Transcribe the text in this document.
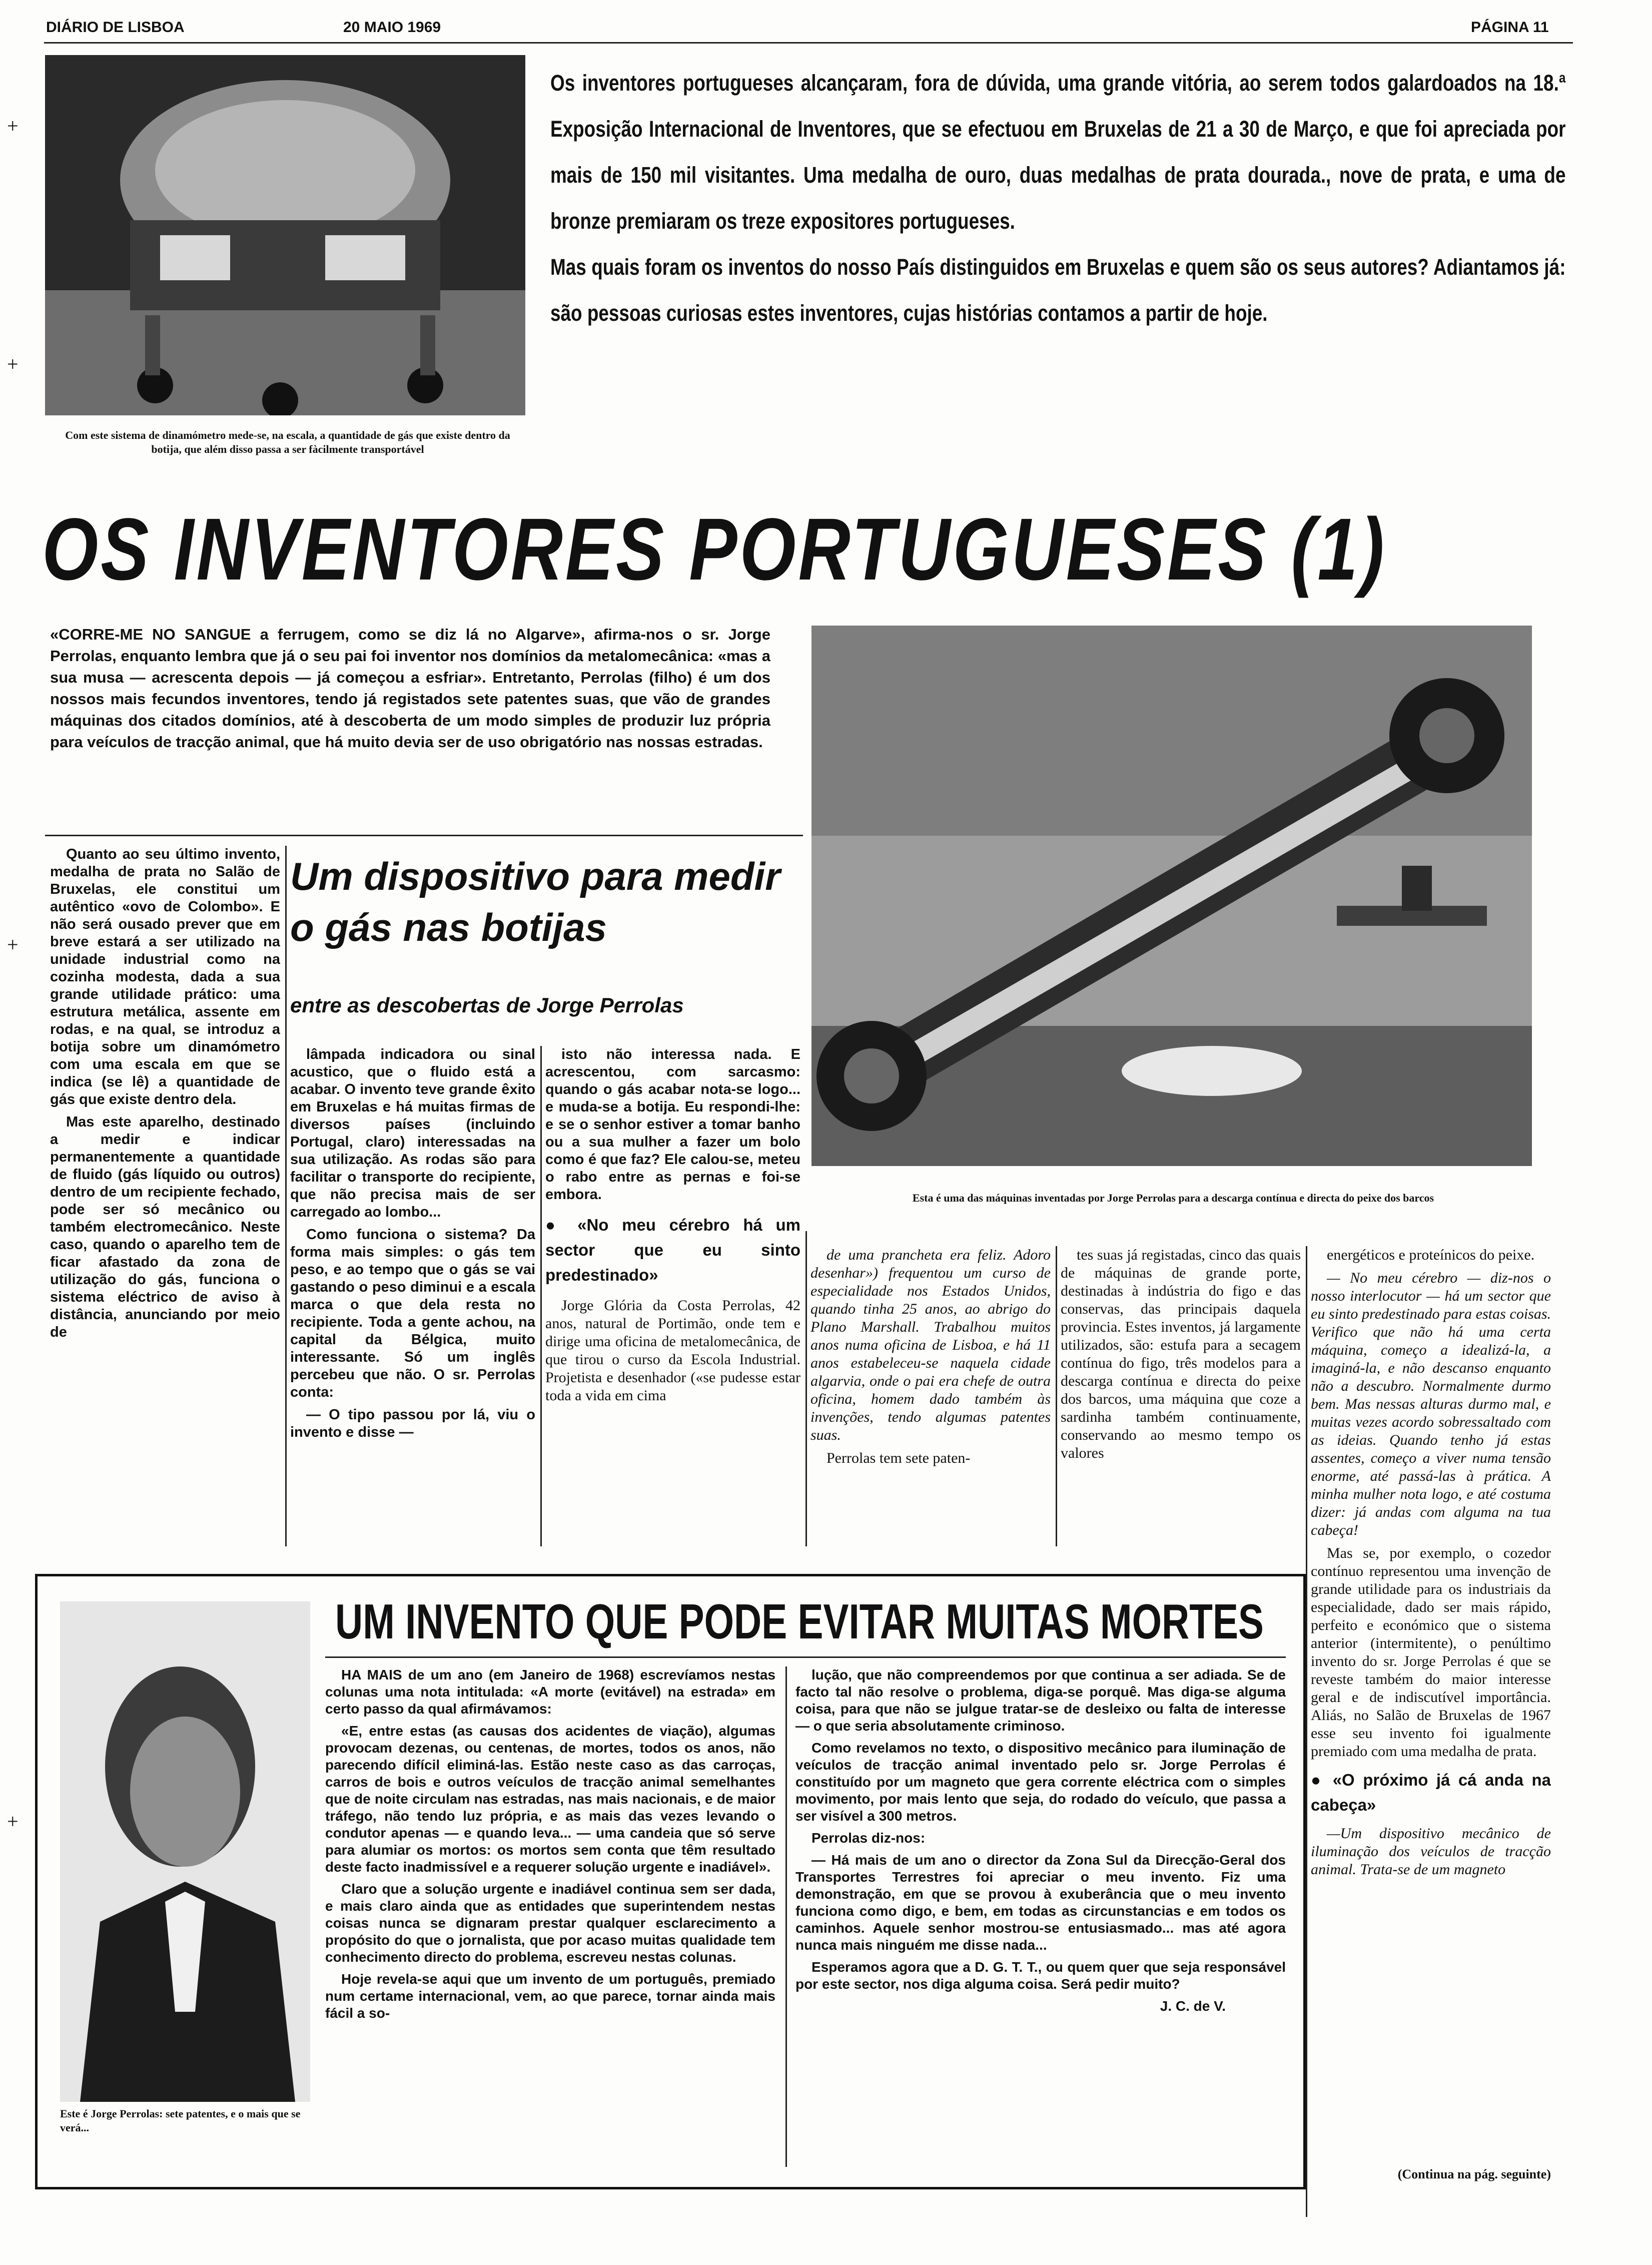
DIÁRIO DE LISBOA	20 MAIO 1969	PÁGINA 11
+
+
+
+
Com este sistema de dinamómetro mede-se, na escala, a quantidade de gás que existe dentro da botija, que além disso passa a ser fàcilmente transportável

Os inventores portugueses alcançaram, fora de dúvida, uma grande vitória, ao serem todos galardoados na 18.ª Exposição Internacional de Inventores, que se efectuou em Bruxelas de 21 a 30 de Março, e que foi apreciada por mais de 150 mil visitantes. Uma medalha de ouro, duas medalhas de prata dourada., nove de prata, e uma de bronze premiaram os treze expositores portugueses.

Mas quais foram os inventos do nosso País distinguidos em Bruxelas e quem são os seus autores? Adiantamos já: são pessoas curiosas estes inventores, cujas histórias contamos a partir de hoje.

OS INVENTORES PORTUGUESES (1)
«CORRE-ME NO SANGUE a ferrugem, como se diz lá no Algarve», afirma-nos o sr. Jorge Perrolas, enquanto lembra que já o seu pai foi inventor nos domínios da metalomecânica: «mas a sua musa — acrescenta depois — já começou a esfriar». Entretanto, Perrolas (filho) é um dos nossos mais fecundos inventores, tendo já registados sete patentes suas, que vão de grandes máquinas dos citados domínios, até à descoberta de um modo simples de produzir luz própria para veículos de tracção animal, que há muito devia ser de uso obrigatório nas nossas estradas.
Esta é uma das máquinas inventadas por Jorge Perrolas para a descarga contínua e directa do peixe dos barcos
Um dispositivo para medir o gás nas botijas
entre as descobertas de Jorge Perrolas

Quanto ao seu último invento, medalha de prata no Salão de Bruxelas, ele constitui um autêntico «ovo de Colombo». E não será ousado prever que em breve estará a ser utilizado na unidade industrial como na cozinha modesta, dada a sua grande utilidade prático: uma estrutura metálica, assente em rodas, e na qual, se introduz a botija sobre um dinamómetro com uma escala em que se indica (se lê) a quantidade de gás que existe dentro dela.

Mas este aparelho, destinado a medir e indicar permanentemente a quantidade de fluido (gás líquido ou outros) dentro de um recipiente fechado, pode ser só mecânico ou também electromecânico. Neste caso, quando o aparelho tem de ficar afastado da zona de utilização do gás, funciona o sistema eléctrico de aviso à distância, anunciando por meio de

lâmpada indicadora ou sinal acustico, que o fluido está a acabar. O invento teve grande êxito em Bruxelas e há muitas firmas de diversos países (incluindo Portugal, claro) interessadas na sua utilização. As rodas são para facilitar o transporte do recipiente, que não precisa mais de ser carregado ao lombo...

Como funciona o sistema? Da forma mais simples: o gás tem peso, e ao tempo que o gás se vai gastando o peso diminui e a escala marca o que dela resta no recipiente. Toda a gente achou, na capital da Bélgica, muito interessante. Só um inglês percebeu que não. O sr. Perrolas conta:

— O tipo passou por lá, viu o invento e disse —

isto não interessa nada. E acrescentou, com sarcasmo: quando o gás acabar nota-se logo... e muda-se a botija. Eu respondi-lhe: e se o senhor estiver a tomar banho ou a sua mulher a fazer um bolo como é que faz? Ele calou-se, meteu o rabo entre as pernas e foi-se embora.

● «No meu cérebro há um sector que eu sinto predestinado»

Jorge Glória da Costa Perrolas, 42 anos, natural de Portimão, onde tem e dirige uma oficina de metalomecânica, de que tirou o curso da Escola Industrial. Projetista e desenhador («se pudesse estar toda a vida em cima

de uma prancheta era feliz. Adoro desenhar») frequentou um curso de especialidade nos Estados Unidos, quando tinha 25 anos, ao abrigo do Plano Marshall. Trabalhou muitos anos numa oficina de Lisboa, e há 11 anos estabeleceu-se naquela cidade algarvia, onde o pai era chefe de outra oficina, homem dado também às invenções, tendo algumas patentes suas.

Perrolas tem sete paten-

tes suas já registadas, cinco das quais de máquinas de grande porte, destinadas à indústria do figo e das conservas, das principais daquela provincia. Estes inventos, já largamente utilizados, são: estufa para a secagem contínua do figo, três modelos para a descarga contínua e directa do peixe dos barcos, uma máquina que coze a sardinha também continuamente, conservando ao mesmo tempo os valores

energéticos e proteínicos do peixe.

— No meu cérebro — diz-nos o nosso interlocutor — há um sector que eu sinto predestinado para estas coisas. Verifico que não há uma certa máquina, começo a idealizá-la, a imaginá-la, e não descanso enquanto não a descubro. Normalmente durmo bem. Mas nessas alturas durmo mal, e muitas vezes acordo sobressaltado com as ideias. Quando tenho já estas assentes, começo a viver numa tensão enorme, até passá-las à prática. A minha mulher nota logo, e até costuma dizer: já andas com alguma na tua cabeça!

Mas se, por exemplo, o cozedor contínuo representou uma invenção de grande utilidade para os industriais da especialidade, dado ser mais rápido, perfeito e económico que o sistema anterior (intermitente), o penúltimo invento do sr. Jorge Perrolas é que se reveste também do maior interesse geral e de indiscutível importância. Aliás, no Salão de Bruxelas de 1967 esse seu invento foi igualmente premiado com uma medalha de prata.

● «O próximo já cá anda na cabeça»

—Um dispositivo mecânico de iluminação dos veículos de tracção animal. Trata-se de um magneto

(Continua na pág. seguinte)
UM INVENTO QUE PODE EVITAR MUITAS MORTES
Este é Jorge Perrolas: sete patentes, e o mais que se verá...

HA MAIS de um ano (em Janeiro de 1968) escrevíamos nestas colunas uma nota intitulada: «A morte (evitável) na estrada» em certo passo da qual afirmávamos:

«E, entre estas (as causas dos acidentes de viação), algumas provocam dezenas, ou centenas, de mortes, todos os anos, não parecendo difícil eliminá-las. Estão neste caso as das carroças, carros de bois e outros veículos de tracção animal semelhantes que de noite circulam nas estradas, nas mais nacionais, e de maior tráfego, não tendo luz própria, e as mais das vezes levando o condutor apenas — e quando leva... — uma candeia que só serve para alumiar os mortos: os mortos sem conta que têm resultado deste facto inadmissível e a requerer solução urgente e inadiável».

Claro que a solução urgente e inadiável continua sem ser dada, e mais claro ainda que as entidades que superintendem nestas coisas nunca se dignaram prestar qualquer esclarecimento a propósito do que o jornalista, que por acaso muitas qualidade tem conhecimento directo do problema, escreveu nestas colunas.

Hoje revela-se aqui que um invento de um português, premiado num certame internacional, vem, ao que parece, tornar ainda mais fácil a so-

lução, que não compreendemos por que continua a ser adiada. Se de facto tal não resolve o problema, diga-se porquê. Mas diga-se alguma coisa, para que não se julgue tratar-se de desleixo ou falta de interesse — o que seria absolutamente criminoso.

Como revelamos no texto, o dispositivo mecânico para iluminação de veículos de tracção animal inventado pelo sr. Jorge Perrolas é constituído por um magneto que gera corrente eléctrica com o simples movimento, por mais lento que seja, do rodado do veículo, que passa a ser visível a 300 metros.

Perrolas diz-nos:

— Há mais de um ano o director da Zona Sul da Direcção-Geral dos Transportes Terrestres foi apreciar o meu invento. Fiz uma demonstração, em que se provou à exuberância que o meu invento funciona como digo, e bem, em todas as circunstancias e em todos os caminhos. Aquele senhor mostrou-se entusiasmado... mas até agora nunca mais ninguém me disse nada...

Esperamos agora que a D. G. T. T., ou quem quer que seja responsável por este sector, nos diga alguma coisa. Será pedir muito?

J. C. de V.
